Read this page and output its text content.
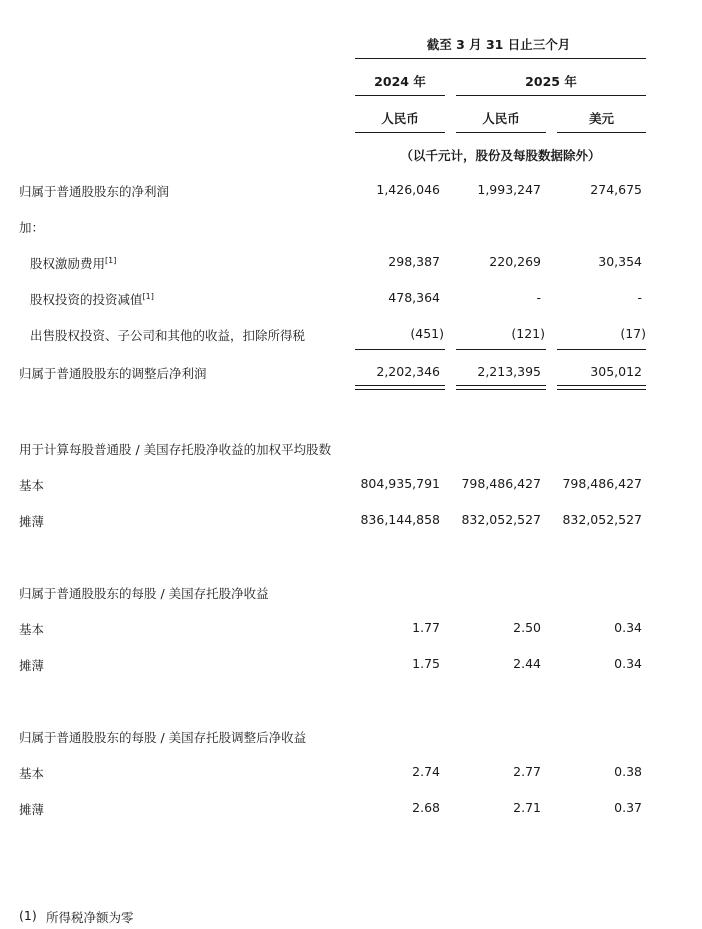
截至 3 月 31 日止三个月
2024 年	2025 年
人民币	人民币	美元
（以千元计，股份及每股数据除外）
归属于普通股股东的净利润	1,426,046	1,993,247	274,675
加：
股权激励费用[1]	298,387	220,269	30,354
股权投资的投资减值[1]	478,364	-	-
出售股权投资、子公司和其他的收益，扣除所得税	(451)	(121)	(17)
归属于普通股股东的调整后净利润	2,202,346	2,213,395	305,012
用于计算每股普通股 / 美国存托股净收益的加权平均股数
基本	804,935,791	798,486,427	798,486,427
摊薄	836,144,858	832,052,527	832,052,527
归属于普通股股东的每股 / 美国存托股净收益
基本	1.77	2.50	0.34
摊薄	1.75	2.44	0.34
归属于普通股股东的每股 / 美国存托股调整后净收益
基本	2.74	2.77	0.38
摊薄	2.68	2.71	0.37
(1) 所得税净额为零
